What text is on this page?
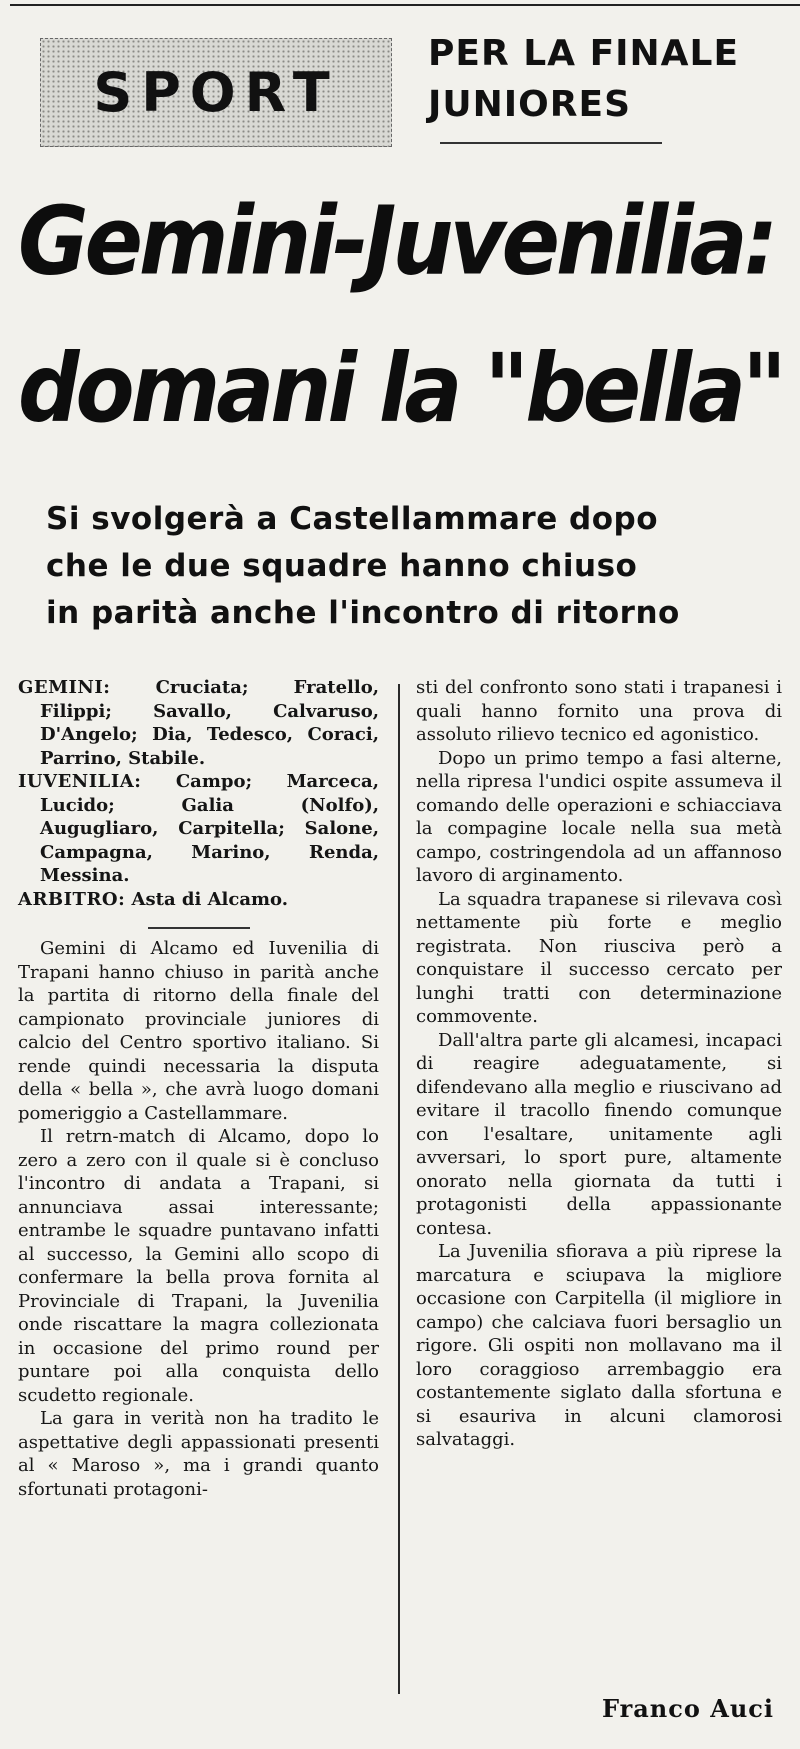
SPORT
PER LA FINALE
JUNIORES
Gemini-Juvenilia:
domani la "bella"
Si svolgerà a Castellammare dopo
che le due squadre hanno chiuso
in parità anche l'incontro di ritorno
GEMINI:	Cruciata; Fratello, Filippi; Savallo, Calvaruso, D'Angelo; Dia, Tedesco, Coraci, Parrino, Stabile.
IUVENILIA: Campo; Marceca, Lucido; Galia (Nolfo), Augugliaro, Carpitella; Salone, Campagna, Marino, Renda, Messina.
ARBITRO: Asta di Alcamo.

Gemini di Alcamo ed Iuvenilia di Trapani hanno chiuso in parità anche la partita di ritorno della finale del campionato provinciale juniores di calcio del Centro sportivo italiano. Si rende quindi necessaria la disputa della « bella », che avrà luogo domani pomeriggio a Castellammare.

Il retrn-match di Alcamo, dopo lo zero a zero con il quale si è concluso l'incontro di andata a Trapani, si annunciava assai interessante; entrambe le squadre puntavano infatti al successo, la Gemini allo scopo di confermare la bella prova fornita al Provinciale di Trapani, la Juvenilia onde riscattare la magra collezionata in occasione del primo round per puntare poi alla conquista dello scudetto regionale.

La gara in verità non ha tradito le aspettative degli appassionati presenti al « Maroso », ma i grandi quanto sfortunati protagoni-

sti del confronto sono stati i trapanesi i quali hanno fornito una prova di assoluto rilievo tecnico ed agonistico.

Dopo un primo tempo a fasi alterne, nella ripresa l'undici ospite assumeva il comando delle operazioni e schiacciava la compagine locale nella sua metà campo, costringendola ad un affannoso lavoro di arginamento.

La squadra trapanese si rilevava così nettamente più forte e meglio registrata. Non riusciva però a conquistare il successo cercato per lunghi tratti con determinazione commovente.

Dall'altra parte gli alcamesi, incapaci di reagire adeguatamente, si difendevano alla meglio e riuscivano ad evitare il tracollo finendo comunque con l'esaltare, unitamente agli avversari, lo sport pure, altamente onorato nella giornata da tutti i protagonisti della appassionante contesa.

La Juvenilia sfiorava a più riprese la marcatura e sciupava la migliore occasione con Carpitella (il migliore in campo) che calciava fuori bersaglio un rigore. Gli ospiti non mollavano ma il loro coraggioso arrembaggio era costantemente siglato dalla sfortuna e si esauriva in alcuni clamorosi salvataggi.

Franco Auci
